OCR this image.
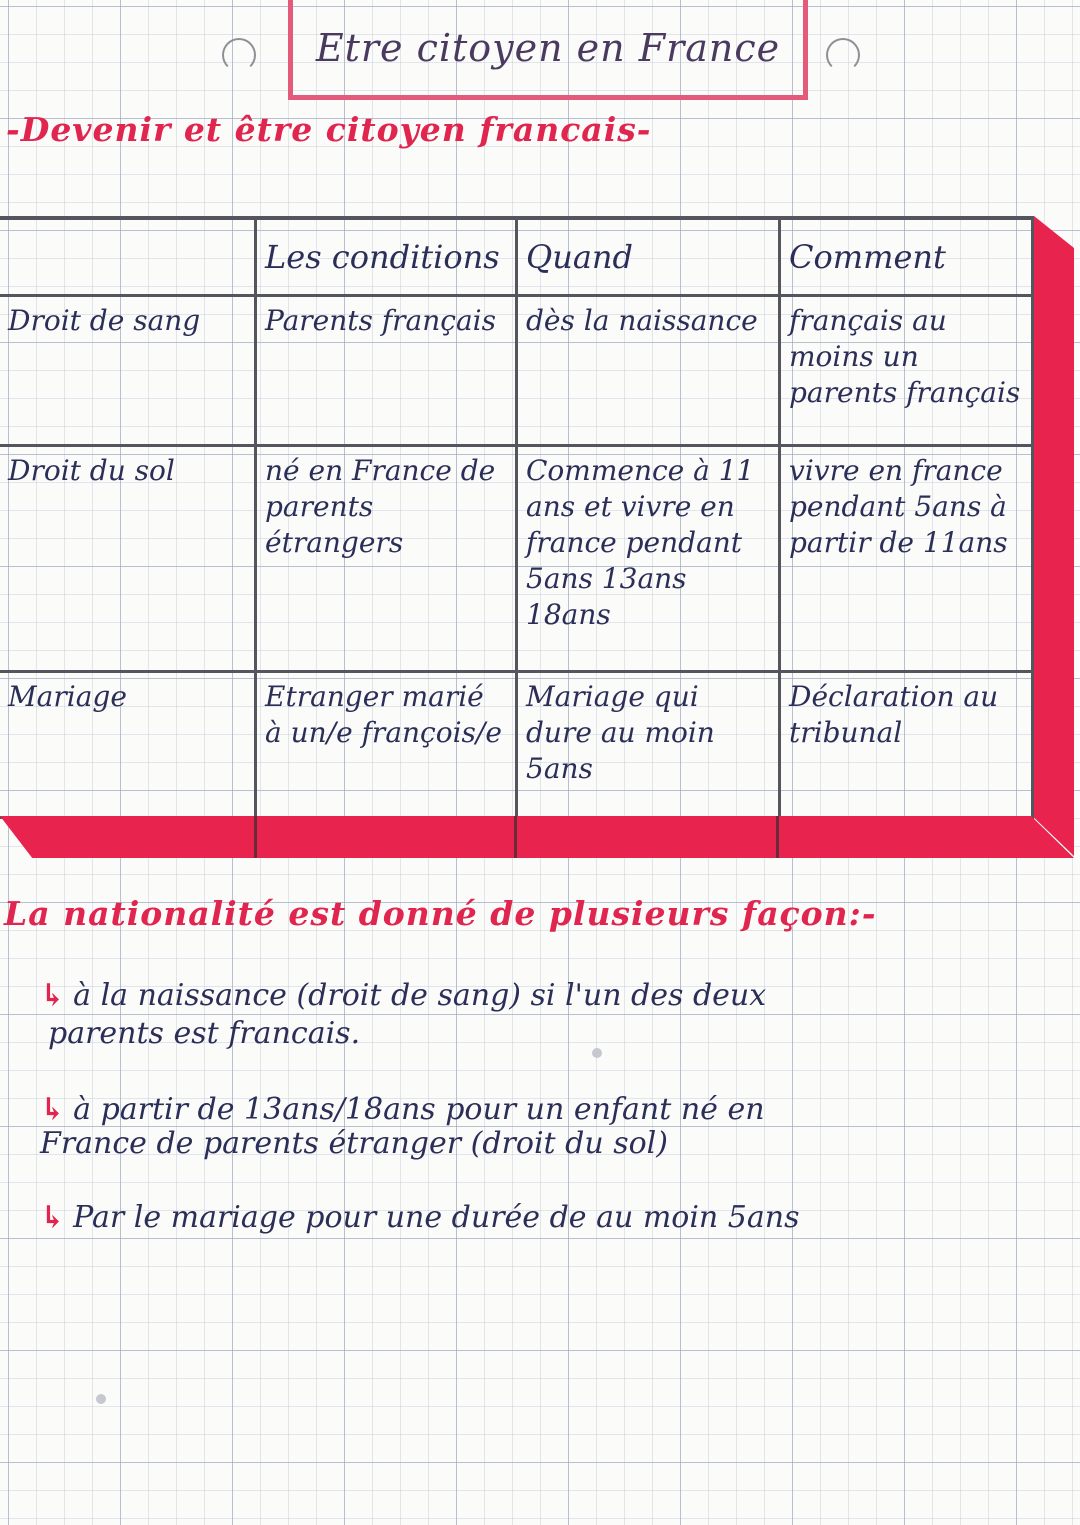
Etre citoyen en France
-Devenir et être citoyen francais-
	Les conditions	Quand	Comment
Droit de sang	Parents français	dès la naissance	français au moins un parents français
Droit du sol	né en France de parents étrangers	Commence à 11 ans et vivre en france pendant 5ans 13ans 18ans	vivre en france pendant 5ans à partir de 11ans
Mariage	Etranger marié à un/e françois/e	Mariage qui dure au moin 5ans	Déclaration au tribunal
La nationalité est donné de plusieurs façon:-
↳ à la naissance (droit de sang) si l'un des deux
parents est francais.
↳ à partir de 13ans/18ans pour un enfant né en
France de parents étranger (droit du sol)
↳ Par le mariage pour une durée de au moin 5ans
